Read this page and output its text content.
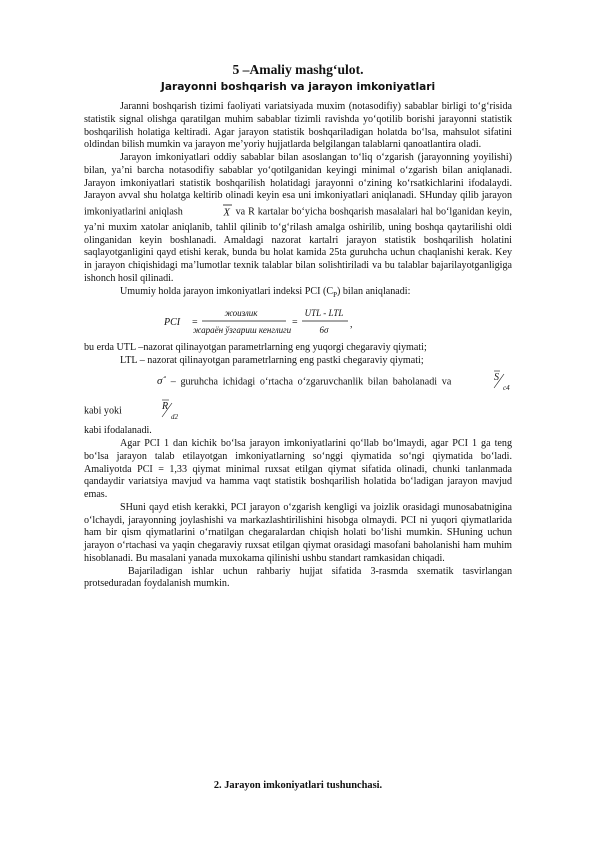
5 –Amaliy mashg‘ulot.
Jarayonni boshqarish va jarayon imkoniyatlari

Jaranni boshqarish tizimi faoliyati variatsiyada muxim (notasodifiy) sabablar birligi to‘g‘risida statistik signal olishga qaratilgan muhim sabablar tizimli ravishda yo‘qotilib borishi jarayonni statistik boshqarilish holatiga keltiradi. Agar jarayon statistik boshqariladigan holatda bo‘lsa, mahsulot sifatini oldindan bilish mumkin va jarayon me’yoriy hujjatlarda belgilangan talablarni qanoatlantira oladi.

Jarayon imkoniyatlari oddiy sabablar bilan asoslangan to‘liq o‘zgarish (jarayonning yoyilishi) bilan, ya’ni barcha notasodifiy sabablar yo‘qotilganidan keyingi minimal o‘zgarish bilan aniqlanadi. Jarayon imkoniyatlari statistik boshqarilish holatidagi jarayonni o‘zining ko‘rsatkichlarini ifodalaydi. Jarayon avval shu holatga keltirib olinadi keyin esa uni imkoniyatlari aniqlanadi. SHunday qilib jarayon imkoniyatlarini aniqlash	X va R kartalar bo‘yicha boshqarish masalalari hal bo‘lganidan keyin, ya’ni muxim xatolar aniqlanib, tahlil qilinib to‘g‘rilash amalga oshirilib, uning boshqa qaytarilishi oldi olinganidan keyin boshlanadi. Amaldagi nazorat kartalri jarayon statistik boshqarilish holatini saqlayotganligini qayd etishi kerak, bunda bu holat kamida 25ta guruhcha uchun chaqlanishi kerak. Key in jarayon chiqishidagi ma’lumotlar texnik talablar bilan solishtiriladi va bu talablar bajarilayotganligiga ishonch hosil qilinadi.

Umumiy holda jarayon imkoniyatlari indeksi PCI $(C_P)$ bilan aniqlanadi:

PCI =
жоизлик
жараён ўзгариш кенглиги
=
UTL - LTL
6σ ,

bu erda UTL –nazorat qilinayotgan parametrlarning eng yuqorgi chegaraviy qiymati;

LTL – nazorat qilinayotgan parametrlarning eng pastki chegaraviy qiymati;

σ̂ – guruhcha ichidagi o‘rtacha o‘zgaruvchanlik bilan baholanadi va	S
c4
kabi yoki	R
d2

kabi ifodalanadi.

Agar PCI 1 dan kichik bo‘lsa jarayon imkoniyatlarini qo‘llab bo‘lmaydi, agar PCI 1 ga teng bo‘lsa jarayon talab etilayotgan imkoniyatlarning so‘nggi qiymatida so‘ngi qiymatida bo‘ladi. Amaliyotda PCI = 1,33 qiymat minimal ruxsat etilgan qiymat sifatida olinadi, chunki tanlanmada qandaydir variatsiya mavjud va hamma vaqt statistik boshqarilish holatida bo‘ladigan jarayon mavjud emas.

SHuni qayd etish kerakki, PCI jarayon o‘zgarish kengligi va joizlik orasidagi munosabatnigina o‘lchaydi, jarayonning joylashishi va markazlashtirilishini hisobga olmaydi. PCI ni yuqori qiymatlarida ham bir qism qiymatlarini o‘rnatilgan chegaralardan chiqish holati bo‘lishi mumkin. SHuning uchun jarayon o‘rtachasi va yaqin chegaraviy ruxsat etilgan qiymat orasidagi masofani baholanishi ham muhim hisoblanadi. Bu masalani yanada muxokama qilinishi ushbu standart ramkasidan chiqadi.

Bajariladigan ishlar uchun rahbariy hujjat sifatida 3-rasmda sxematik tasvirlangan protseduradan foydalanish mumkin.

2. Jarayon imkoniyatlari tushunchasi.
